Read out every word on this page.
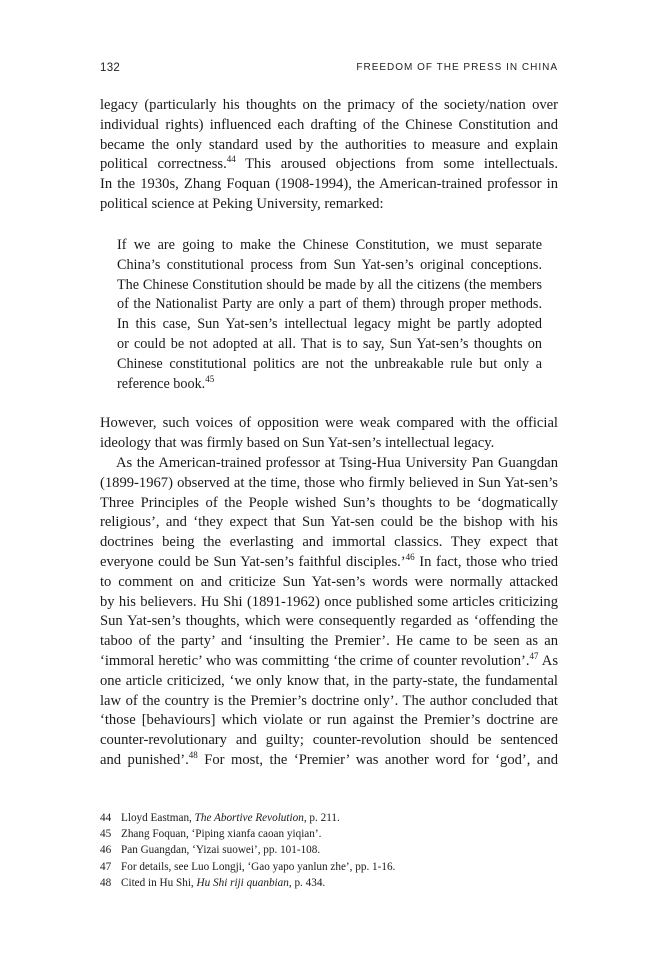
132	FREEDOM OF THE PRESS IN CHINA
legacy (particularly his thoughts on the primacy of the society/nation over
individual rights) influenced each drafting of the Chinese Constitution and
became the only standard used by the authorities to measure and explain
political correctness.$^{44}$ This aroused objections from some intellectuals.
In the 1930s, Zhang Foquan (1908-1994), the American-trained professor in
political science at Peking University, remarked:
If we are going to make the Chinese Constitution, we must separate
China’s constitutional process from Sun Yat-sen’s original conceptions.
The Chinese Constitution should be made by all the citizens (the members
of the Nationalist Party are only a part of them) through proper methods.
In this case, Sun Yat-sen’s intellectual legacy might be partly adopted
or could be not adopted at all. That is to say, Sun Yat-sen’s thoughts on
Chinese constitutional politics are not the unbreakable rule but only a
reference book.$^{45}$
However, such voices of opposition were weak compared with the official
ideology that was firmly based on Sun Yat-sen’s intellectual legacy.
As the American-trained professor at Tsing-Hua University Pan Guangdan
(1899-1967) observed at the time, those who firmly believed in Sun Yat-sen’s
Three Principles of the People wished Sun’s thoughts to be ‘dogmatically
religious’, and ‘they expect that Sun Yat-sen could be the bishop with his
doctrines being the everlasting and immortal classics. They expect that
everyone could be Sun Yat-sen’s faithful disciples.’$^{46}$ In fact, those who tried
to comment on and criticize Sun Yat-sen’s words were normally attacked
by his believers. Hu Shi (1891-1962) once published some articles criticizing
Sun Yat-sen’s thoughts, which were consequently regarded as ‘offending the
taboo of the party’ and ‘insulting the Premier’. He came to be seen as an
‘immoral heretic’ who was committing ‘the crime of counter revolution’.$^{47}$ As
one article criticized, ‘we only know that, in the party-state, the fundamental
law of the country is the Premier’s doctrine only’. The author concluded that
‘those [behaviours] which violate or run against the Premier’s doctrine are
counter-revolutionary and guilty; counter-revolution should be sentenced
and punished’.$^{48}$ For most, the ‘Premier’ was another word for ‘god’, and
44 Lloyd Eastman, The Abortive Revolution, p. 211.
45 Zhang Foquan, ‘Piping xianfa caoan yiqian’.
46 Pan Guangdan, ‘Yizai suowei’, pp. 101-108.
47 For details, see Luo Longji, ‘Gao yapo yanlun zhe’, pp. 1-16.
48 Cited in Hu Shi, Hu Shi riji quanbian, p. 434.
